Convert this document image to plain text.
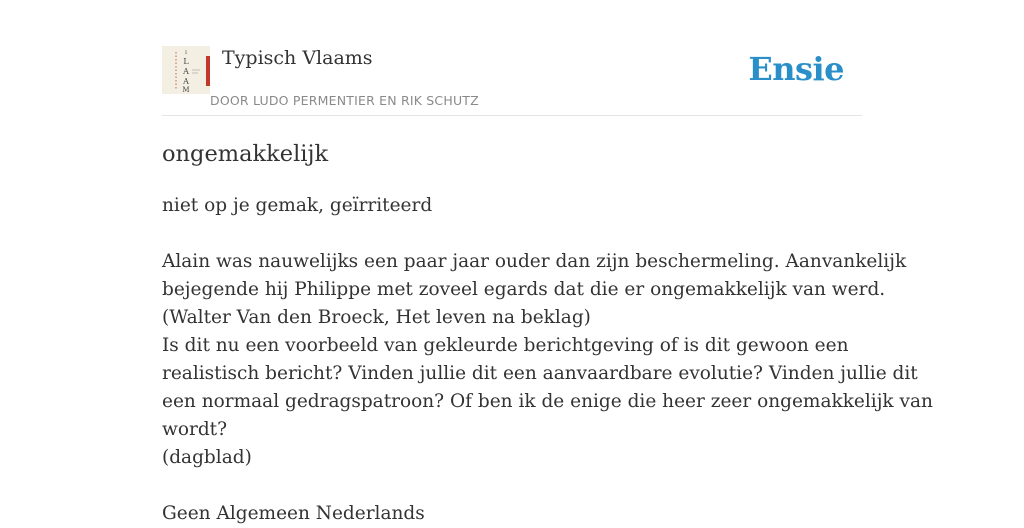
I
L
A
A
M
Typisch Vlaams
DOOR LUDO PERMENTIER EN RIK SCHUTZ
Ensie
ongemakkelijk
niet op je gemak, geïrriteerd
Alain was nauwelijks een paar jaar ouder dan zijn beschermeling. Aanvankelijk
bejegende hij Philippe met zoveel egards dat die er ongemakkelijk van werd.
(Walter Van den Broeck, Het leven na beklag)
Is dit nu een voorbeeld van gekleurde berichtgeving of is dit gewoon een
realistisch bericht? Vinden jullie dit een aanvaardbare evolutie? Vinden jullie dit
een normaal gedragspatroon? Of ben ik de enige die heer zeer ongemakkelijk van
wordt?
(dagblad)
Geen Algemeen Nederlands
